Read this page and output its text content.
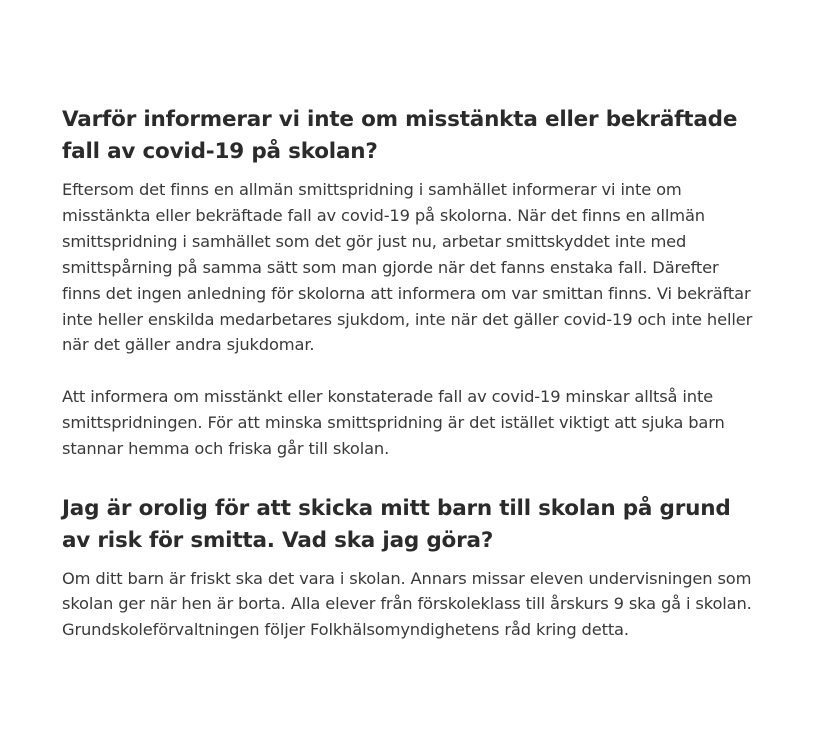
Varför informerar vi inte om misstänkta eller bekräftade fall av covid-19 på skolan?

Eftersom det finns en allmän smittspridning i samhället informerar vi inte om misstänkta eller bekräftade fall av covid-19 på skolorna. När det finns en allmän smittspridning i samhället som det gör just nu, arbetar smittskyddet inte med smittspårning på samma sätt som man gjorde när det fanns enstaka fall. Därefter finns det ingen anledning för skolorna att informera om var smittan finns. Vi bekräftar inte heller enskilda medarbetares sjukdom, inte när det gäller covid-19 och inte heller när det gäller andra sjukdomar.

Att informera om misstänkt eller konstaterade fall av covid-19 minskar alltså inte smittspridningen. För att minska smittspridning är det istället viktigt att sjuka barn stannar hemma och friska går till skolan.

Jag är orolig för att skicka mitt barn till skolan på grund av risk för smitta. Vad ska jag göra?

Om ditt barn är friskt ska det vara i skolan. Annars missar eleven undervisningen som skolan ger när hen är borta. Alla elever från förskoleklass till årskurs 9 ska gå i skolan. Grundskoleförvaltningen följer Folkhälsomyndighetens råd kring detta.
